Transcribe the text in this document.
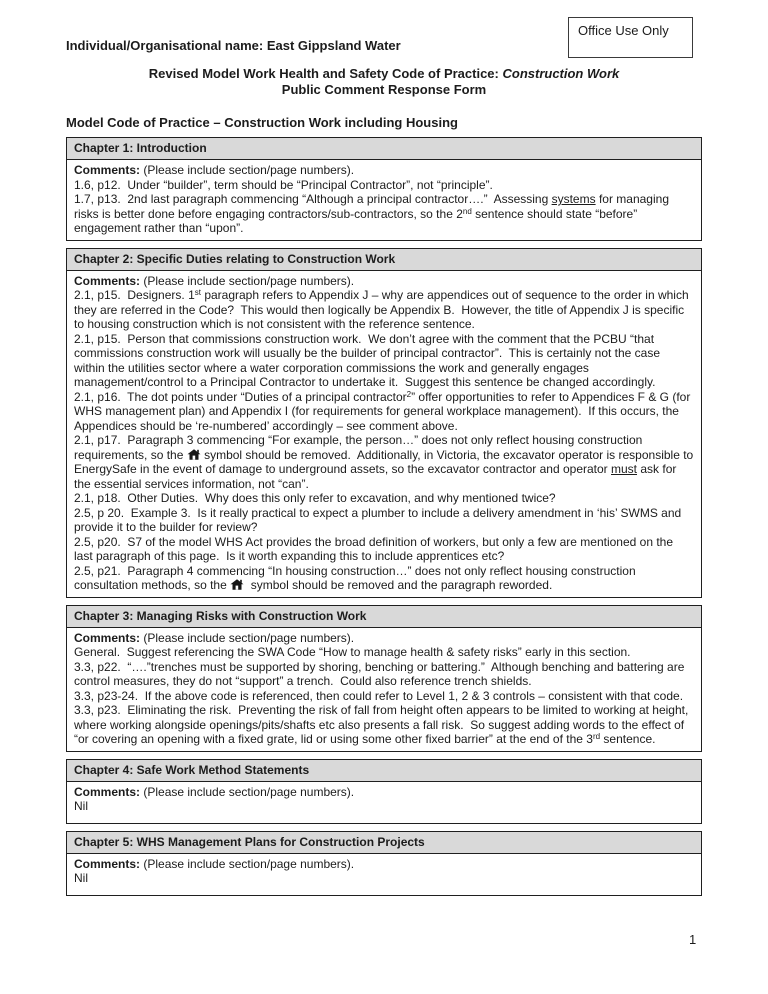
Office Use Only
Individual/Organisational name: East Gippsland Water
Revised Model Work Health and Safety Code of Practice: Construction Work
Public Comment Response Form
Model Code of Practice – Construction Work including Housing
Chapter 1: Introduction
Comments: (Please include section/page numbers).
1.6, p12.  Under “builder”, term should be “Principal Contractor”, not “principle”.
1.7, p13.  2nd last paragraph commencing “Although a principal contractor….”  Assessing systems for managing risks is better done before engaging contractors/sub-contractors, so the 2nd sentence should state “before” engagement rather than “upon”.
Chapter 2: Specific Duties relating to Construction Work
Comments: (Please include section/page numbers).
2.1, p15.  Designers. 1st paragraph refers to Appendix J – why are appendices out of sequence to the order in which they are referred in the Code?  This would then logically be Appendix B.  However, the title of Appendix J is specific to housing construction which is not consistent with the reference sentence.
2.1, p15.  Person that commissions construction work.  We don’t agree with the comment that the PCBU “that commissions construction work will usually be the builder of principal contractor”.  This is certainly not the case within the utilities sector where a water corporation commissions the work and generally engages management/control to a Principal Contractor to undertake it.  Suggest this sentence be changed accordingly.
2.1, p16.  The dot points under “Duties of a principal contractor$^2$” offer opportunities to refer to Appendices F & G (for WHS management plan) and Appendix I (for requirements for general workplace management).  If this occurs, the Appendices should be ‘re-numbered’ accordingly – see comment above.
2.1, p17.  Paragraph 3 commencing “For example, the person…” does not only reflect housing construction requirements, so the
symbol should be removed.  Additionally, in Victoria, the excavator operator is responsible to EnergySafe in the event of damage to underground assets, so the excavator contractor and operator must ask for the essential services information, not “can”.
2.1, p18.  Other Duties.  Why does this only refer to excavation, and why mentioned twice?
2.5, p 20.  Example 3.  Is it really practical to expect a plumber to include a delivery amendment in ‘his’ SWMS and provide it to the builder for review?
2.5, p20.  S7 of the model WHS Act provides the broad definition of workers, but only a few are mentioned on the last paragraph of this page.  Is it worth expanding this to include apprentices etc?
2.5, p21.  Paragraph 4 commencing “In housing construction…” does not only reflect housing construction consultation methods, so the
symbol should be removed and the paragraph reworded.
Chapter 3: Managing Risks with Construction Work
Comments: (Please include section/page numbers).
General.  Suggest referencing the SWA Code “How to manage health & safety risks” early in this section.
3.3, p22.  “….”trenches must be supported by shoring, benching or battering.”  Although benching and battering are control measures, they do not “support” a trench.  Could also reference trench shields.
3.3, p23-24.  If the above code is referenced, then could refer to Level 1, 2 & 3 controls – consistent with that code.
3.3, p23.  Eliminating the risk.  Preventing the risk of fall from height often appears to be limited to working at height, where working alongside openings/pits/shafts etc also presents a fall risk.  So suggest adding words to the effect of “or covering an opening with a fixed grate, lid or using some other fixed barrier” at the end of the 3rd sentence.
Chapter 4: Safe Work Method Statements
Comments: (Please include section/page numbers).
Nil
Chapter 5: WHS Management Plans for Construction Projects
Comments: (Please include section/page numbers).
Nil
1
